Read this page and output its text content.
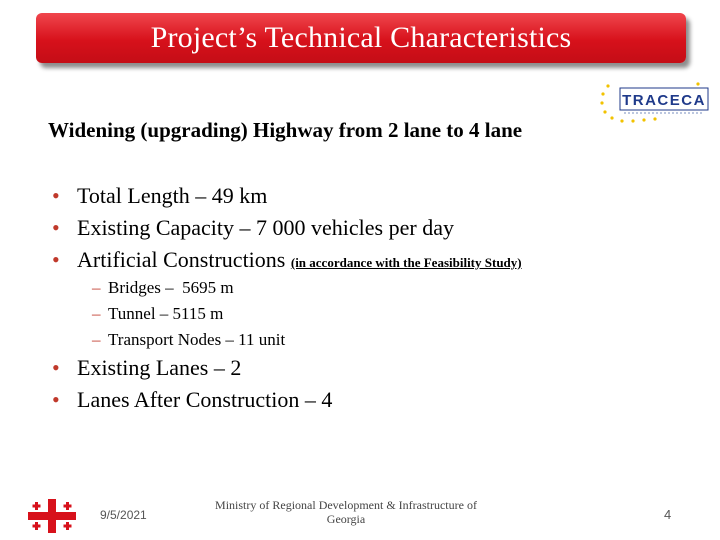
Project’s Technical Characteristics
TRACECA
Widening (upgrading) Highway from 2 lane to 4 lane
• Total Length – 49 km
• Existing Capacity – 7 000 vehicles per day
• Artificial Constructions (in accordance with the Feasibility Study)
– Bridges –  5695 m
– Tunnel – 5115 m
– Transport Nodes – 11 unit
• Existing Lanes – 2
• Lanes After Construction – 4
9/5/2021
Ministry of Regional Development & Infrastructure of
Georgia	4
